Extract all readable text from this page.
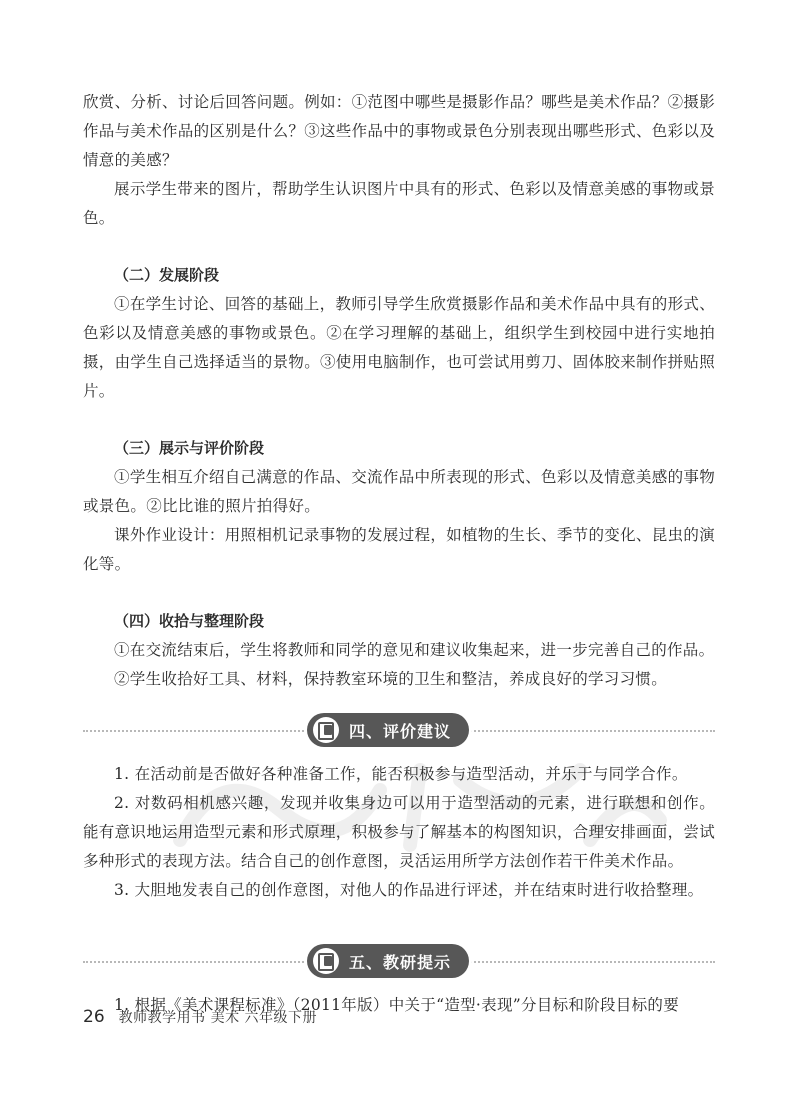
欣赏、分析、讨论后回答问题。例如：①范图中哪些是摄影作品？哪些是美术作品？②摄影作品与美术作品的区别是什么？③这些作品中的事物或景色分别表现出哪些形式、色彩以及情意的美感？

展示学生带来的图片，帮助学生认识图片中具有的形式、色彩以及情意美感的事物或景色。

（二）发展阶段

①在学生讨论、回答的基础上，教师引导学生欣赏摄影作品和美术作品中具有的形式、色彩以及情意美感的事物或景色。②在学习理解的基础上，组织学生到校园中进行实地拍摄，由学生自己选择适当的景物。③使用电脑制作，也可尝试用剪刀、固体胶来制作拼贴照片。

（三）展示与评价阶段

①学生相互介绍自己满意的作品、交流作品中所表现的形式、色彩以及情意美感的事物或景色。②比比谁的照片拍得好。

课外作业设计：用照相机记录事物的发展过程，如植物的生长、季节的变化、昆虫的演化等。

（四）收拾与整理阶段

①在交流结束后，学生将教师和同学的意见和建议收集起来，进一步完善自己的作品。

②学生收拾好工具、材料，保持教室环境的卫生和整洁，养成良好的学习习惯。

四、评价建议

1. 在活动前是否做好各种准备工作，能否积极参与造型活动，并乐于与同学合作。

2. 对数码相机感兴趣，发现并收集身边可以用于造型活动的元素，进行联想和创作。能有意识地运用造型元素和形式原理，积极参与了解基本的构图知识，合理安排画面，尝试多种形式的表现方法。结合自己的创作意图，灵活运用所学方法创作若干件美术作品。

3. 大胆地发表自己的创作意图，对他人的作品进行评述，并在结束时进行收拾整理。

五、教研提示

1. 根据《美术课程标准》（2011年版）中关于“造型·表现”分目标和阶段目标的要

26 教师教学用书 美术 六年级下册
